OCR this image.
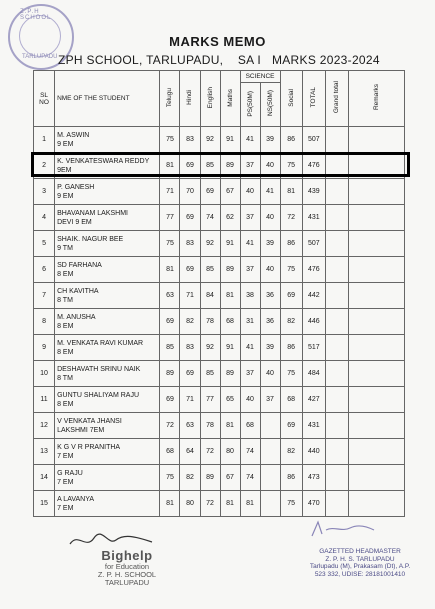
Z.P.H SCHOOL
TARLUPADU
MARKS MEMO
ZPH SCHOOL, TARLUPADU,    SA I   MARKS 2023-2024
SL NO	NME OF THE STUDENT	Telugu	Hindi	English	Maths	SCIENCE		Social	TOTAL	Grand total	Remarks
						PS(50M)	NS(50M)				
1	M. ASWIN
9 EM	75	83	92	91	41	39	86	507		
2	K. VENKATESWARA REDDY
9EM	81	69	85	89	37	40	75	476		
3	P. GANESH
9 EM	71	70	69	67	40	41	81	439		
4	BHAVANAM LAKSHMI
DEVI 9 EM	77	69	74	62	37	40	72	431		
5	SHAIK. NAGUR BEE
9 TM	75	83	92	91	41	39	86	507		
6	SD FARHANA
8 EM	81	69	85	89	37	40	75	476		
7	CH KAVITHA
8 TM	63	71	84	81	38	36	69	442		
8	M. ANUSHA
8 EM	69	82	78	68	31	36	82	446		
9	M. VENKATA RAVI KUMAR
8 EM	85	83	92	91	41	39	86	517		
10	DESHAVATH SRINU NAIK
8 TM	89	69	85	89	37	40	75	484		
11	GUNTU SHALIYAM RAJU
8 EM	69	71	77	65	40	37	68	427		
12	V VENKATA JHANSI
LAKSHMI 7EM	72	63	78	81	68		69	431		
13	K G V R PRANITHA
7 EM	68	64	72	80	74		82	440		
14	G RAJU
7 EM	75	82	89	67	74		86	473		
15	A LAVANYA
7 EM	81	80	72	81	81		75	470		
Bighelp
for Education
Z. P. H. SCHOOL
TARLUPADU
GAZETTED HEADMASTER
Z. P. H. S. TARLUPADU
Tarlupadu (M), Prakasam (Dt), A.P.
523 332, UDISE: 28181001410
